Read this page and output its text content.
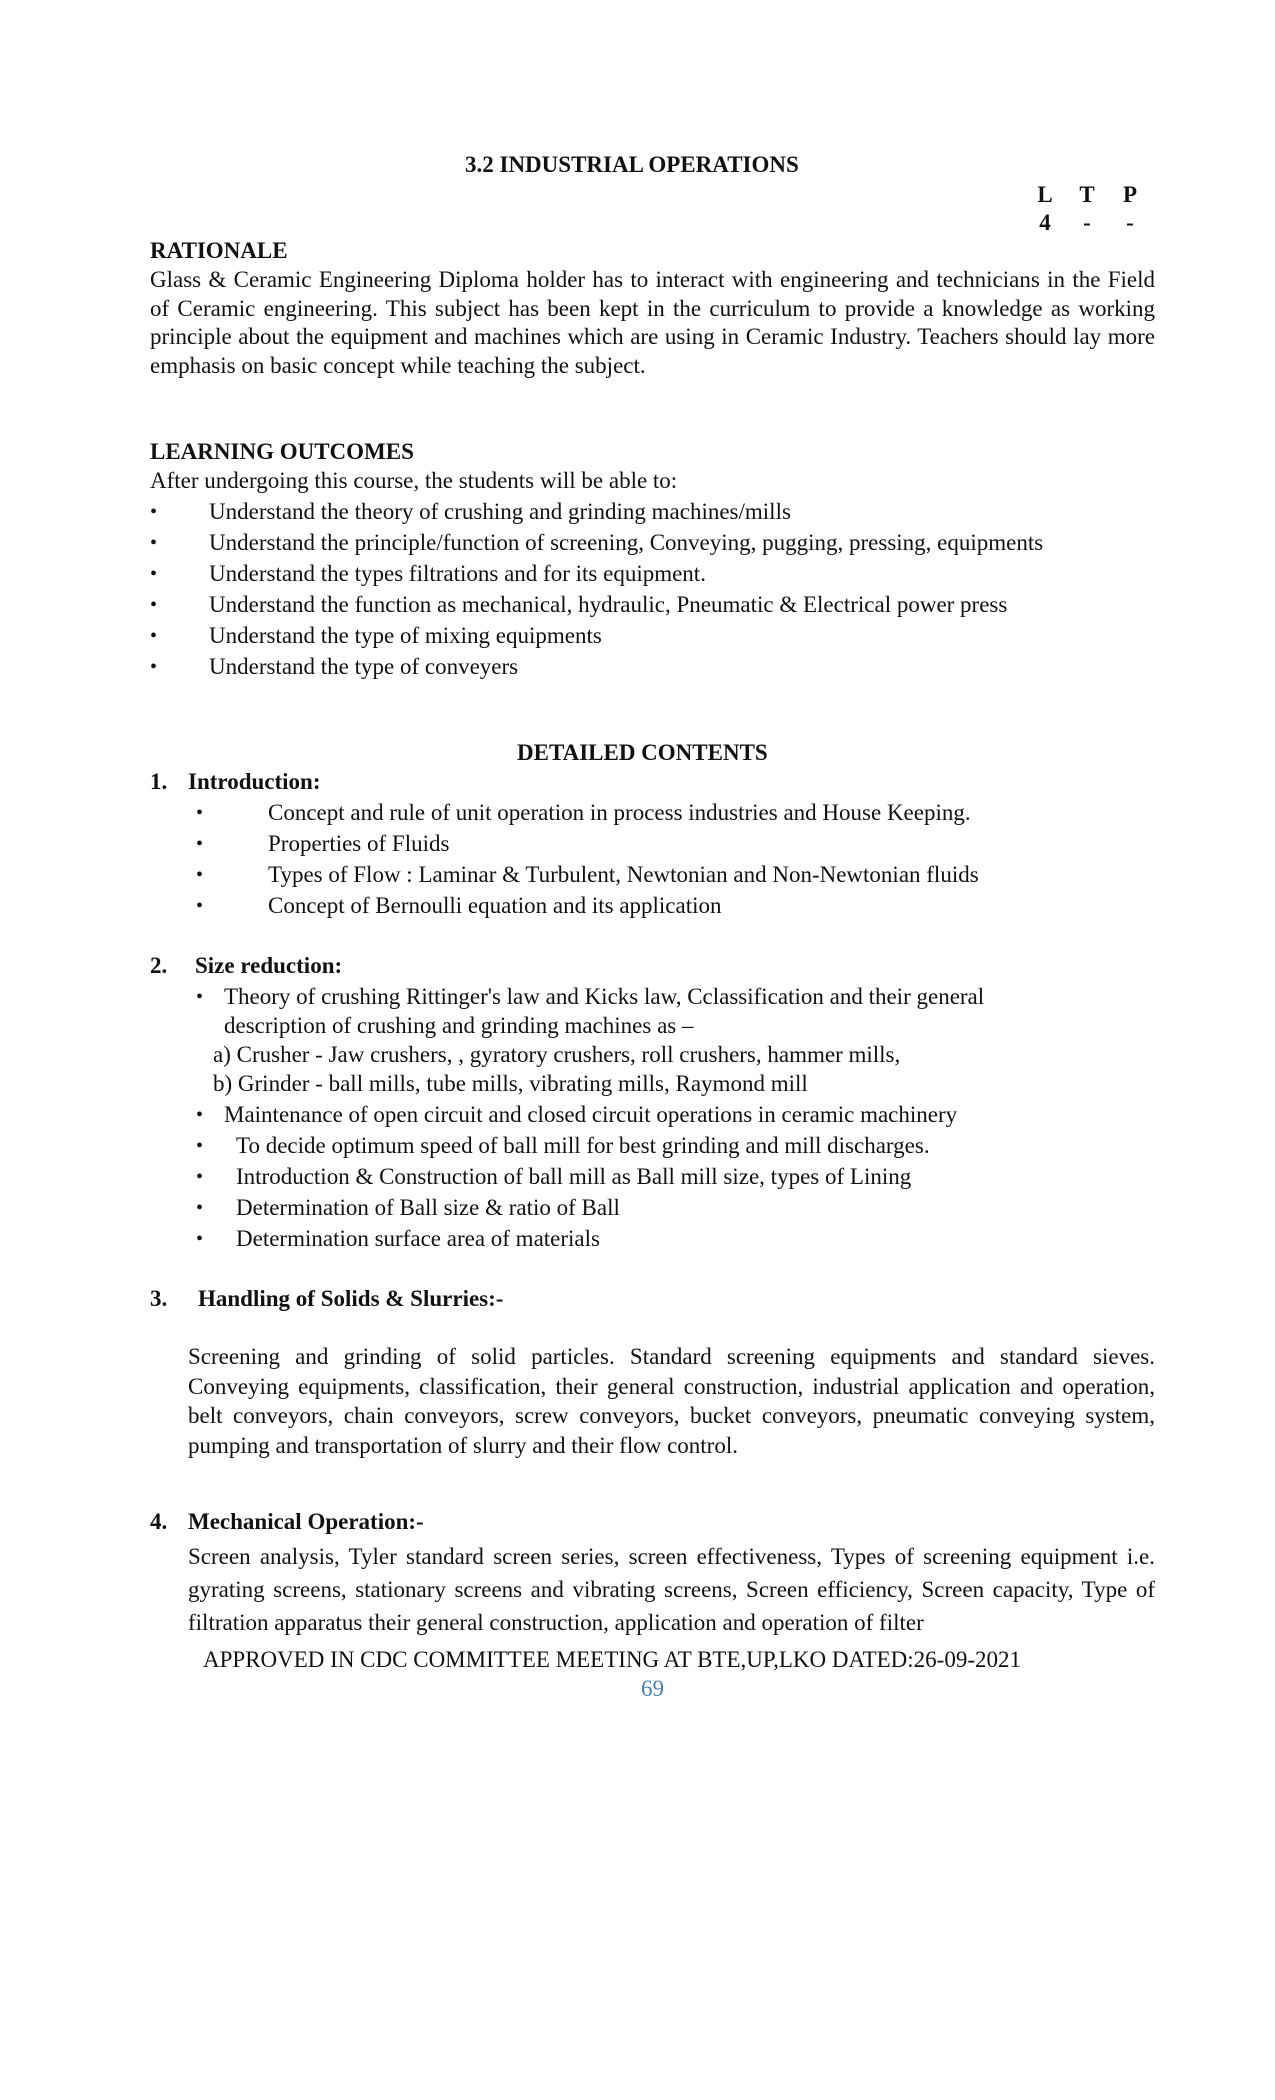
3.2 INDUSTRIAL OPERATIONS
L	T	P
4	-	-
RATIONALE
Glass & Ceramic Engineering Diploma holder has to interact with engineering and technicians in the Field of Ceramic engineering. This subject has been kept in the curriculum to provide a knowledge as working principle about the equipment and machines which are using in Ceramic Industry. Teachers should lay more emphasis on basic concept while teaching the subject.
LEARNING OUTCOMES
After undergoing this course, the students will be able to:
• Understand the theory of crushing and grinding machines/mills
• Understand the principle/function of screening, Conveying, pugging, pressing, equipments
• Understand the types filtrations and for its equipment.
• Understand the function as mechanical, hydraulic, Pneumatic & Electrical power press
• Understand the type of mixing equipments
• Understand the type of conveyers
DETAILED CONTENTS
1. Introduction:
•	Concept and rule of unit operation in process industries and House Keeping.
•	Properties of Fluids
•	Types of Flow : Laminar & Turbulent, Newtonian and Non-Newtonian fluids
•	Concept of Bernoulli equation and its application
2. Size reduction:
• Theory of crushing Rittinger's law and Kicks law, Cclassification and their general
description of crushing and grinding machines as –
a) Crusher - Jaw crushers, , gyratory crushers, roll crushers, hammer mills,
b) Grinder - ball mills, tube mills, vibrating mills, Raymond mill
• Maintenance of open circuit and closed circuit operations in ceramic machinery
• To decide optimum speed of ball mill for best grinding and mill discharges.
• Introduction & Construction of ball mill as Ball mill size, types of Lining
• Determination of Ball size & ratio of Ball
• Determination surface area of materials
3. Handling of Solids & Slurries:-
Screening and grinding of solid particles. Standard screening equipments and standard sieves. Conveying equipments, classification, their general construction, industrial application and operation, belt conveyors, chain conveyors, screw conveyors, bucket conveyors, pneumatic conveying system, pumping and transportation of slurry and their flow control.
4. Mechanical Operation:-
Screen analysis, Tyler standard screen series, screen effectiveness, Types of screening equipment i.e. gyrating screens, stationary screens and vibrating screens, Screen efficiency, Screen capacity, Type of filtration apparatus their general construction, application and operation of filter
APPROVED IN CDC COMMITTEE MEETING AT BTE,UP,LKO DATED:26-09-2021
69
